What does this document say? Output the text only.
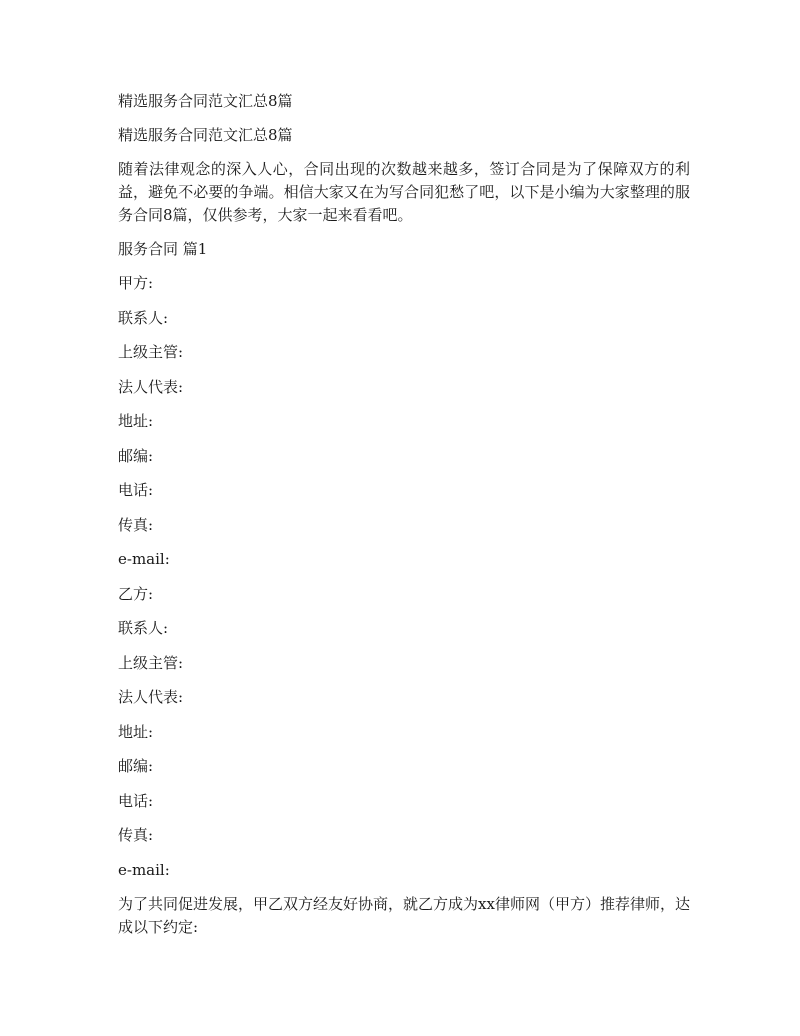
精选服务合同范文汇总8篇

精选服务合同范文汇总8篇

随着法律观念的深入人心，合同出现的次数越来越多，签订合同是为了保障双方的利益，避免不必要的争端。相信大家又在为写合同犯愁了吧，以下是小编为大家整理的服务合同8篇，仅供参考，大家一起来看看吧。

服务合同 篇1

甲方:

联系人:

上级主管:

法人代表:

地址:

邮编:

电话:

传真:

e-mail:

乙方:

联系人:

上级主管:

法人代表:

地址:

邮编:

电话:

传真:

e-mail:

为了共同促进发展，甲乙双方经友好协商，就乙方成为xx律师网（甲方）推荐律师，达成以下约定:
